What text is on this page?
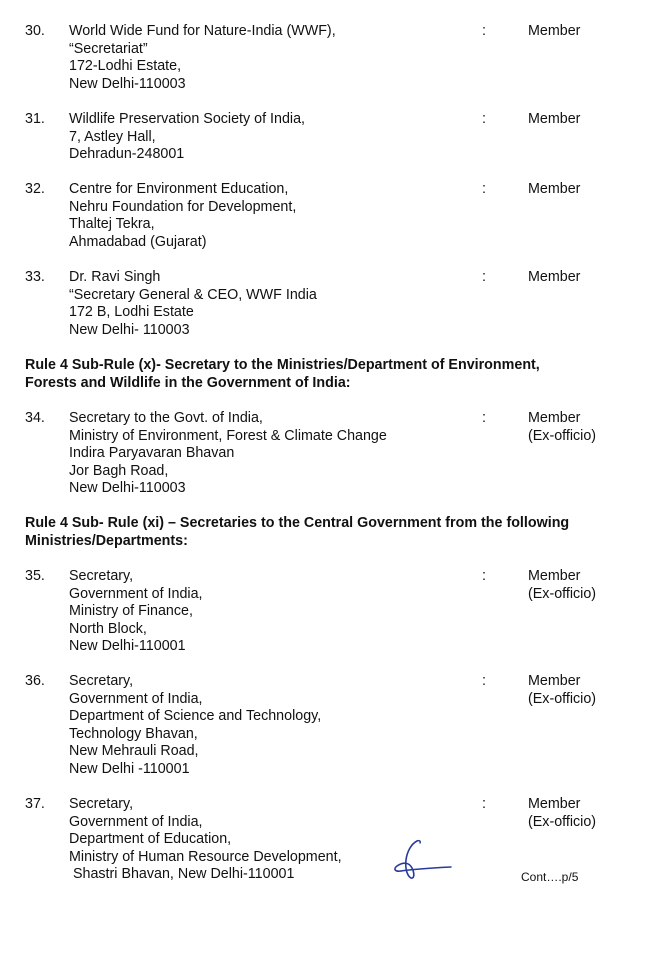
30. World Wide Fund for Nature-India (WWF),
“Secretariat”
172-Lodhi Estate,
New Delhi-110003
:	Member
31. Wildlife Preservation Society of India,
7, Astley Hall,
Dehradun-248001
:	Member
32. Centre for Environment Education,
Nehru Foundation for Development,
Thaltej Tekra,
Ahmadabad (Gujarat)
:	Member
33. Dr. Ravi Singh
“Secretary General & CEO, WWF India
172 B, Lodhi Estate
New Delhi- 110003
:	Member
Rule 4 Sub-Rule (x)- Secretary to the Ministries/Department of Environment,
Forests and Wildlife in the Government of India:
34. Secretary to the Govt. of India,
Ministry of Environment, Forest & Climate Change
Indira Paryavaran Bhavan
Jor Bagh Road,
New Delhi-110003
:	Member
(Ex-officio)
Rule 4 Sub- Rule (xi) – Secretaries to the Central Government from the following
Ministries/Departments:
35. Secretary,
Government of India,
Ministry of Finance,
North Block,
New Delhi-110001
:	Member
(Ex-officio)
36. Secretary,
Government of India,
Department of Science and Technology,
Technology Bhavan,
New Mehrauli Road,
New Delhi -110001
:	Member
(Ex-officio)
37. Secretary,
Government of India,
Department of Education,
Ministry of Human Resource Development,
Shastri Bhavan, New Delhi-110001
:	Member
(Ex-officio)
Cont….p/5
